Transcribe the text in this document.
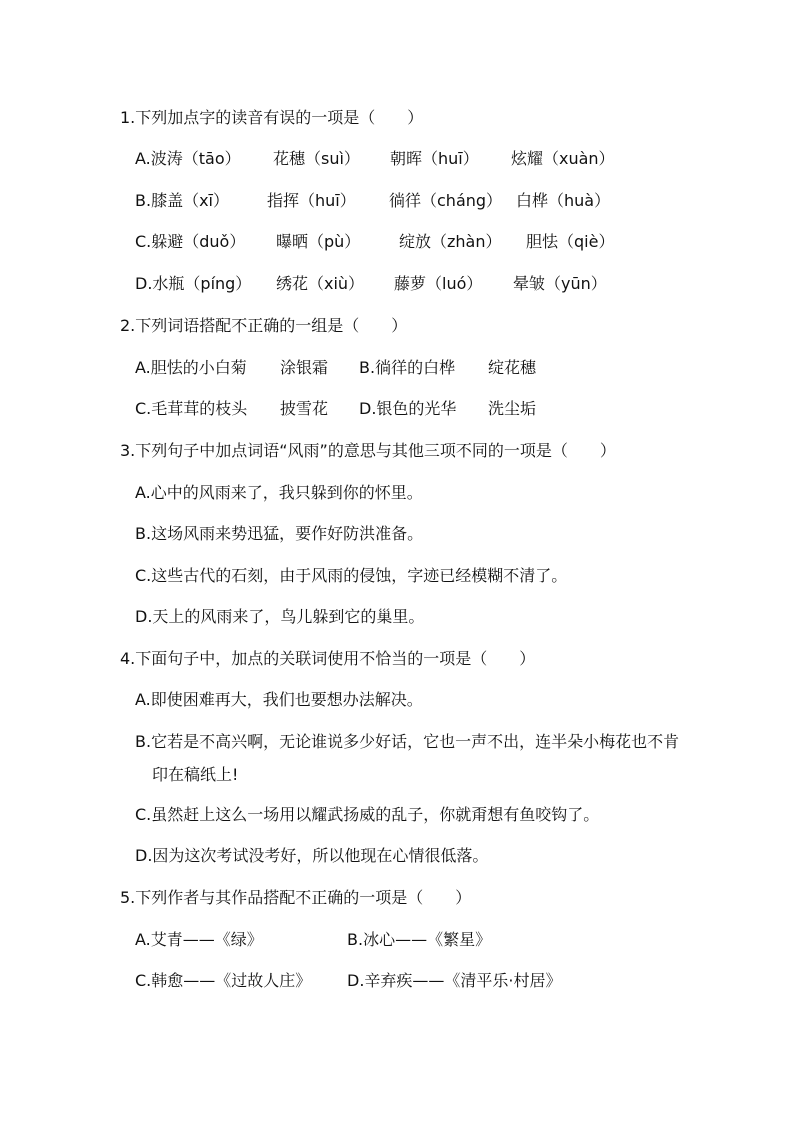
1.下列加点字的读音有误的一项是（　　）
A.波涛（tāo） 花穗（suì） 朝晖（huī） 炫耀（xuàn）
B.膝盖（xī） 指挥（huī） 徜徉（cháng） 白桦（huà）
C.躲避（duǒ） 曝晒（pù） 绽放（zhàn） 胆怯（qiè）
D.水瓶（píng） 绣花（xiù） 藤萝（luó） 晕皱（yūn）
2.下列词语搭配不正确的一组是（　　）
A.胆怯的小白菊 涂银霜 B.徜徉的白桦 绽花穗
C.毛茸茸的枝头 披雪花 D.银色的光华 洗尘垢
3.下列句子中加点词语“风雨”的意思与其他三项不同的一项是（　　）
A.心中的风雨来了，我只躲到你的怀里。
B.这场风雨来势迅猛，要作好防洪准备。
C.这些古代的石刻，由于风雨的侵蚀，字迹已经模糊不清了。
D.天上的风雨来了，鸟儿躲到它的巢里。
4.下面句子中，加点的关联词使用不恰当的一项是（　　）
A.即使困难再大，我们也要想办法解决。
B.它若是不高兴啊，无论谁说多少好话，它也一声不出，连半朵小梅花也不肯
印在稿纸上!
C.虽然赶上这么一场用以耀武扬威的乱子，你就甭想有鱼咬钩了。
D.因为这次考试没考好，所以他现在心情很低落。
5.下列作者与其作品搭配不正确的一项是（　　）
A.艾青——《绿》	B.冰心——《繁星》
C.韩愈——《过故人庄》 D.辛弃疾——《清平乐·村居》
